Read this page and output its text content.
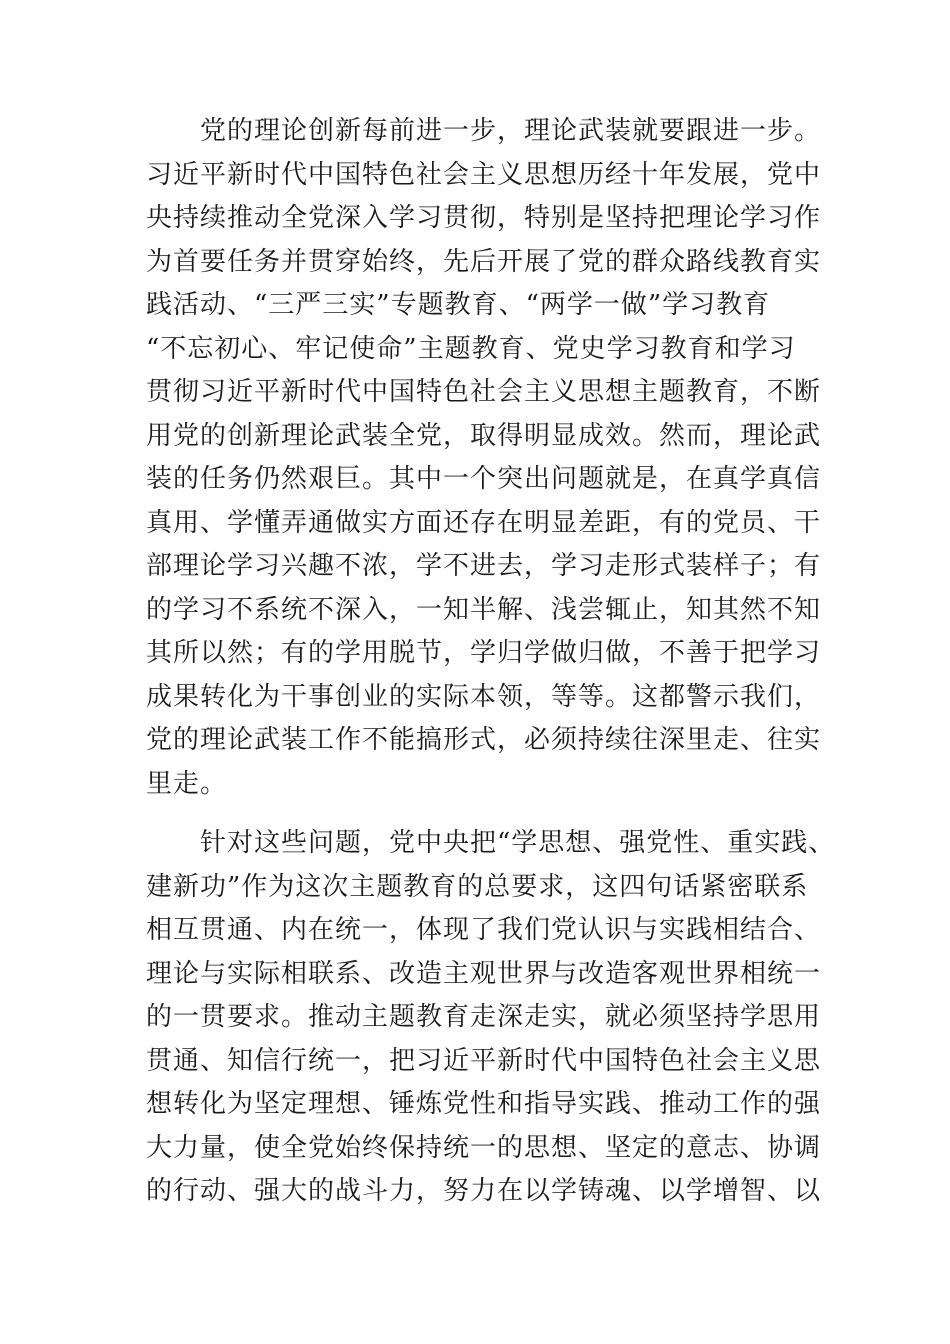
　　党的理论创新每前进一步，理论武装就要跟进一步。
习近平新时代中国特色社会主义思想历经十年发展，党中
央持续推动全党深入学习贯彻，特别是坚持把理论学习作
为首要任务并贯穿始终，先后开展了党的群众路线教育实
践活动、“三严三实”专题教育、“两学一做”学习教育
“不忘初心、牢记使命”主题教育、党史学习教育和学习
贯彻习近平新时代中国特色社会主义思想主题教育，不断
用党的创新理论武装全党，取得明显成效。然而，理论武
装的任务仍然艰巨。其中一个突出问题就是，在真学真信
真用、学懂弄通做实方面还存在明显差距，有的党员、干
部理论学习兴趣不浓，学不进去，学习走形式装样子；有
的学习不系统不深入，一知半解、浅尝辄止，知其然不知
其所以然；有的学用脱节，学归学做归做，不善于把学习
成果转化为干事创业的实际本领，等等。这都警示我们，
党的理论武装工作不能搞形式，必须持续往深里走、往实
里走。
　　针对这些问题，党中央把“学思想、强党性、重实践、
建新功”作为这次主题教育的总要求，这四句话紧密联系
相互贯通、内在统一，体现了我们党认识与实践相结合、
理论与实际相联系、改造主观世界与改造客观世界相统一
的一贯要求。推动主题教育走深走实，就必须坚持学思用
贯通、知信行统一，把习近平新时代中国特色社会主义思
想转化为坚定理想、锤炼党性和指导实践、推动工作的强
大力量，使全党始终保持统一的思想、坚定的意志、协调
的行动、强大的战斗力，努力在以学铸魂、以学增智、以
